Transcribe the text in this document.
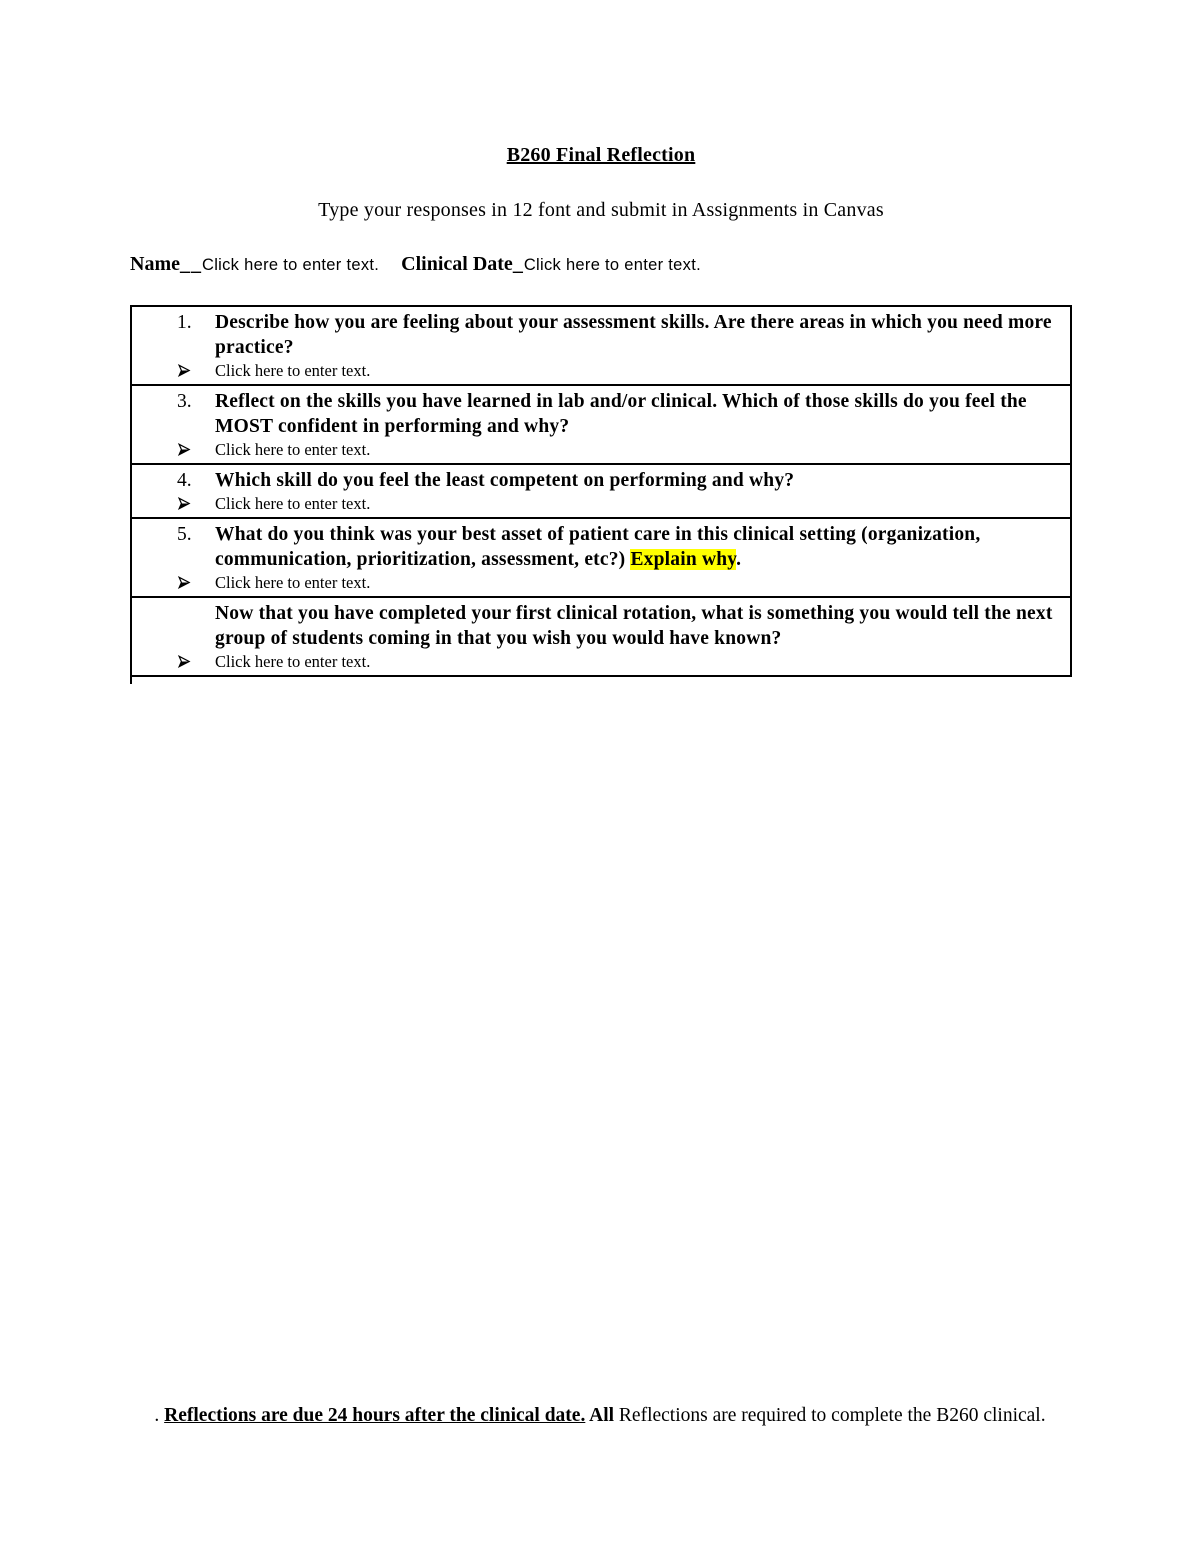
B260 Final Reflection
Type your responses in 12 font and submit in Assignments in Canvas
Name__Click here to enter text. Clinical Date_Click here to enter text.
1.	Describe how you are feeling about your assessment skills. Are there areas in which you need more practice?
Click here to enter text.
3.	Reflect on the skills you have learned in lab and/or clinical. Which of those skills do you feel the MOST confident in performing and why?
Click here to enter text.
4.	Which skill do you feel the least competent on performing and why?
Click here to enter text.
5.	What do you think was your best asset of patient care in this clinical setting (organization, communication, prioritization, assessment, etc?) Explain why.
Click here to enter text.
Now that you have completed your first clinical rotation, what is something you would tell the next group of students coming in that you wish you would have known?
Click here to enter text.
. Reflections are due 24 hours after the clinical date. All Reflections are required to complete the B260 clinical.
